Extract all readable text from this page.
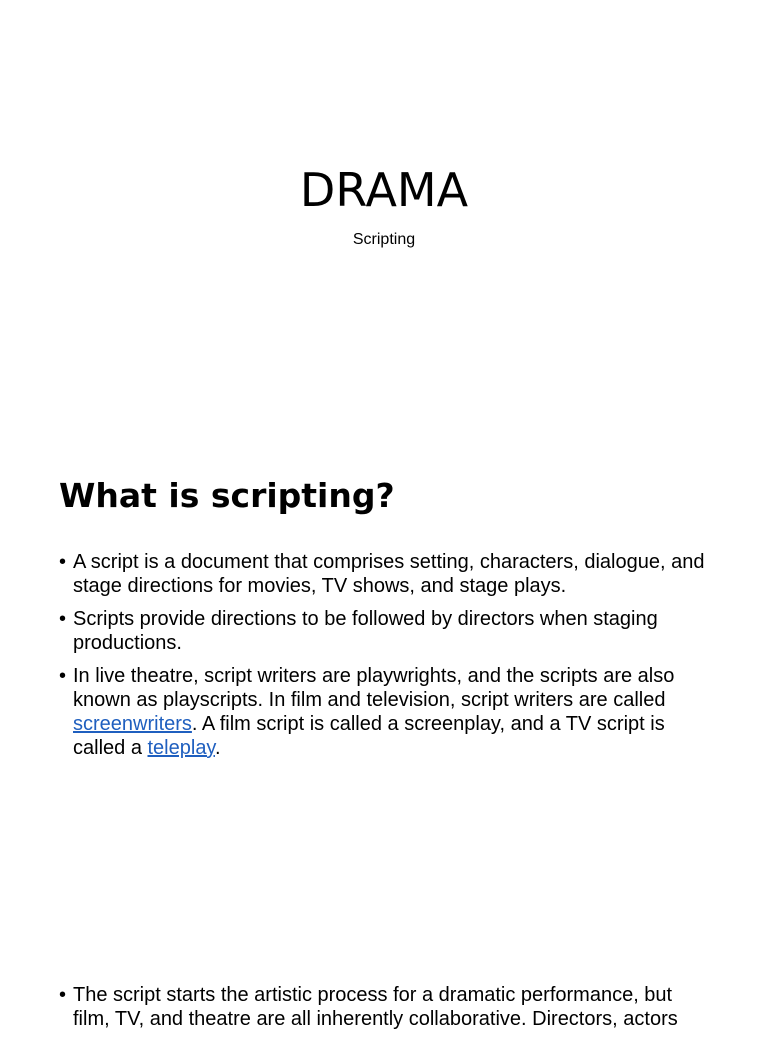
DRAMA

Scripting

What is scripting?
• A script is a document that comprises setting, characters, dialogue, and stage directions for movies, TV shows, and stage plays.
• Scripts provide directions to be followed by directors when staging productions.
• In live theatre, script writers are playwrights, and the scripts are also known as playscripts. In film and television, script writers are called screenwriters. A film script is called a screenplay, and a TV script is called a teleplay.
• The script starts the artistic process for a dramatic performance, but film, TV, and theatre are all inherently collaborative. Directors, actors
